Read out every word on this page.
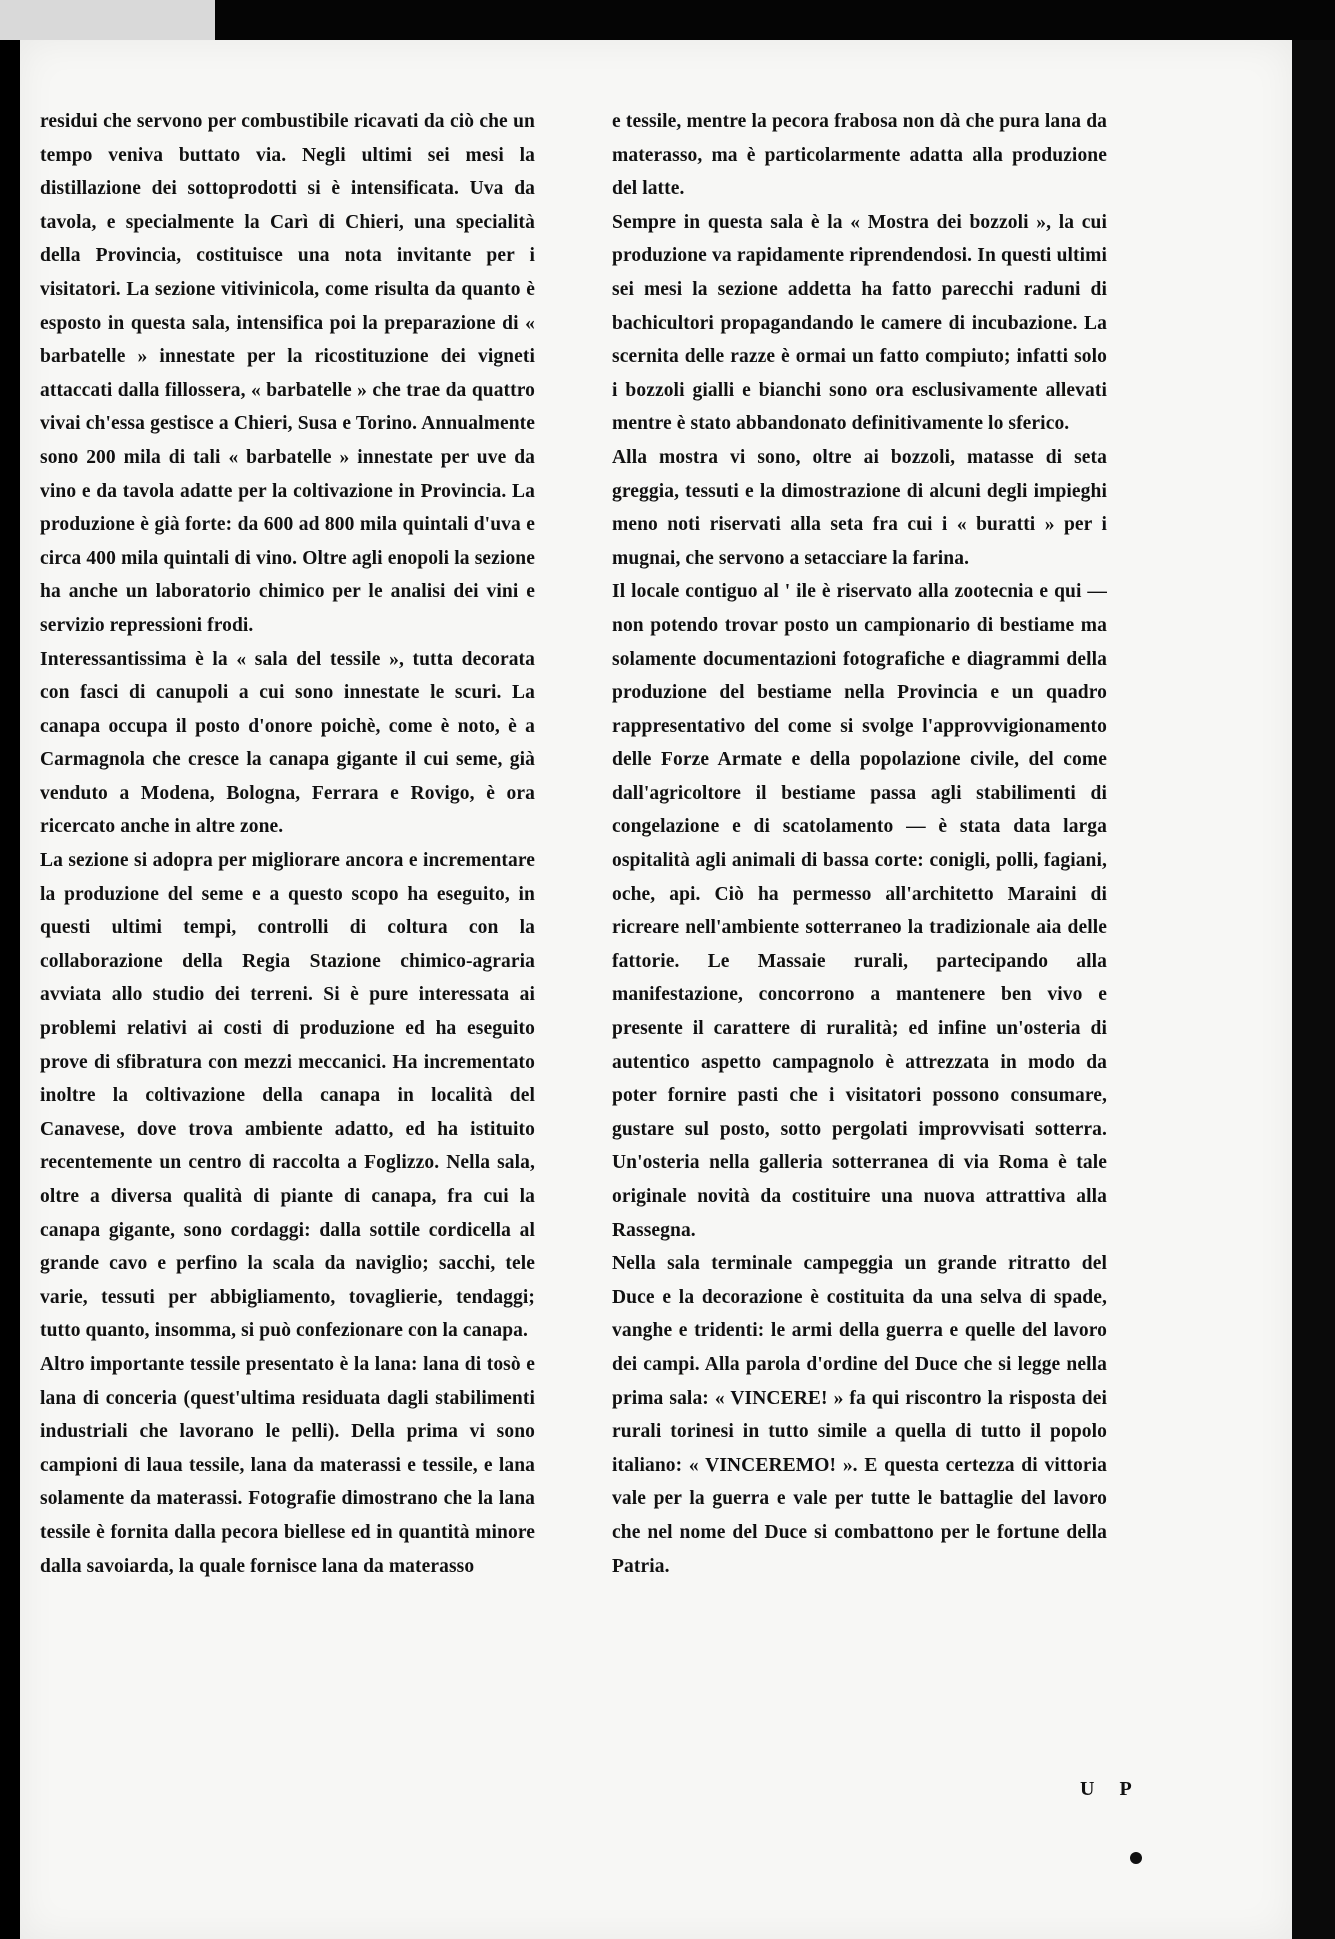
residui che servono per combustibile ricavati da ciò che un tempo veniva buttato via. Negli ultimi sei mesi la distillazione dei sottoprodotti si è intensificata. Uva da tavola, e specialmente la Carì di Chieri, una specialità della Provincia, costituisce una nota invitante per i visitatori. La sezione vitivinicola, come risulta da quanto è esposto in questa sala, intensifica poi la preparazione di « barbatelle » innestate per la ricostituzione dei vigneti attaccati dalla fillossera, « barbatelle » che trae da quattro vivai ch'essa gestisce a Chieri, Susa e Torino. Annualmente sono 200 mila di tali « barbatelle » innestate per uve da vino e da tavola adatte per la coltivazione in Provincia. La produzione è già forte: da 600 ad 800 mila quintali d'uva e circa 400 mila quintali di vino. Oltre agli enopoli la sezione ha anche un laboratorio chimico per le analisi dei vini e servizio repressioni frodi.

Interessantissima è la « sala del tessile », tutta decorata con fasci di canupoli a cui sono innestate le scuri. La canapa occupa il posto d'onore poichè, come è noto, è a Carmagnola che cresce la canapa gigante il cui seme, già venduto a Modena, Bologna, Ferrara e Rovigo, è ora ricercato anche in altre zone.

La sezione si adopra per migliorare ancora e incrementare la produzione del seme e a questo scopo ha eseguito, in questi ultimi tempi, controlli di coltura con la collaborazione della Regia Stazione chimico-agraria avviata allo studio dei terreni. Si è pure interessata ai problemi relativi ai costi di produzione ed ha eseguito prove di sfibratura con mezzi meccanici. Ha incrementato inoltre la coltivazione della canapa in località del Canavese, dove trova ambiente adatto, ed ha istituito recentemente un centro di raccolta a Foglizzo. Nella sala, oltre a diversa qualità di piante di canapa, fra cui la canapa gigante, sono cordaggi: dalla sottile cordicella al grande cavo e perfino la scala da naviglio; sacchi, tele varie, tessuti per abbigliamento, tovaglierie, tendaggi; tutto quanto, insomma, si può confezionare con la canapa.

Altro importante tessile presentato è la lana: lana di tosò e lana di conceria (quest'ultima residuata dagli stabilimenti industriali che lavorano le pelli). Della prima vi sono campioni di laua tessile, lana da materassi e tessile, e lana solamente da materassi. Fotografie dimostrano che la lana tessile è fornita dalla pecora biellese ed in quantità minore dalla savoiarda, la quale fornisce lana da materasso

e tessile, mentre la pecora frabosa non dà che pura lana da materasso, ma è particolarmente adatta alla produzione del latte.

Sempre in questa sala è la « Mostra dei bozzoli », la cui produzione va rapidamente riprendendosi. In questi ultimi sei mesi la sezione addetta ha fatto parecchi raduni di bachicultori propagandando le camere di incubazione. La scernita delle razze è ormai un fatto compiuto; infatti solo i bozzoli gialli e bianchi sono ora esclusivamente allevati mentre è stato abbandonato definitivamente lo sferico.

Alla mostra vi sono, oltre ai bozzoli, matasse di seta greggia, tessuti e la dimostrazione di alcuni degli impieghi meno noti riservati alla seta fra cui i « buratti » per i mugnai, che servono a setacciare la farina.

Il locale contiguo al ' ile è riservato alla zootecnia e qui — non potendo trovar posto un campionario di bestiame ma solamente documentazioni fotografiche e diagrammi della produzione del bestiame nella Provincia e un quadro rappresentativo del come si svolge l'approvvigionamento delle Forze Armate e della popolazione civile, del come dall'agricoltore il bestiame passa agli stabilimenti di congelazione e di scatolamento — è stata data larga ospitalità agli animali di bassa corte: conigli, polli, fagiani, oche, api. Ciò ha permesso all'architetto Maraini di ricreare nell'ambiente sotterraneo la tradizionale aia delle fattorie. Le Massaie rurali, partecipando alla manifestazione, concorrono a mantenere ben vivo e presente il carattere di ruralità; ed infine un'osteria di autentico aspetto campagnolo è attrezzata in modo da poter fornire pasti che i visitatori possono consumare, gustare sul posto, sotto pergolati improvvisati sotterra. Un'osteria nella galleria sotterranea di via Roma è tale originale novità da costituire una nuova attrattiva alla Rassegna.

Nella sala terminale campeggia un grande ritratto del Duce e la decorazione è costituita da una selva di spade, vanghe e tridenti: le armi della guerra e quelle del lavoro dei campi. Alla parola d'ordine del Duce che si legge nella prima sala: « VINCERE! » fa qui riscontro la risposta dei rurali torinesi in tutto simile a quella di tutto il popolo italiano: « VINCEREMO! ». E questa certezza di vittoria vale per la guerra e vale per tutte le battaglie del lavoro che nel nome del Duce si combattono per le fortune della Patria.

U P
